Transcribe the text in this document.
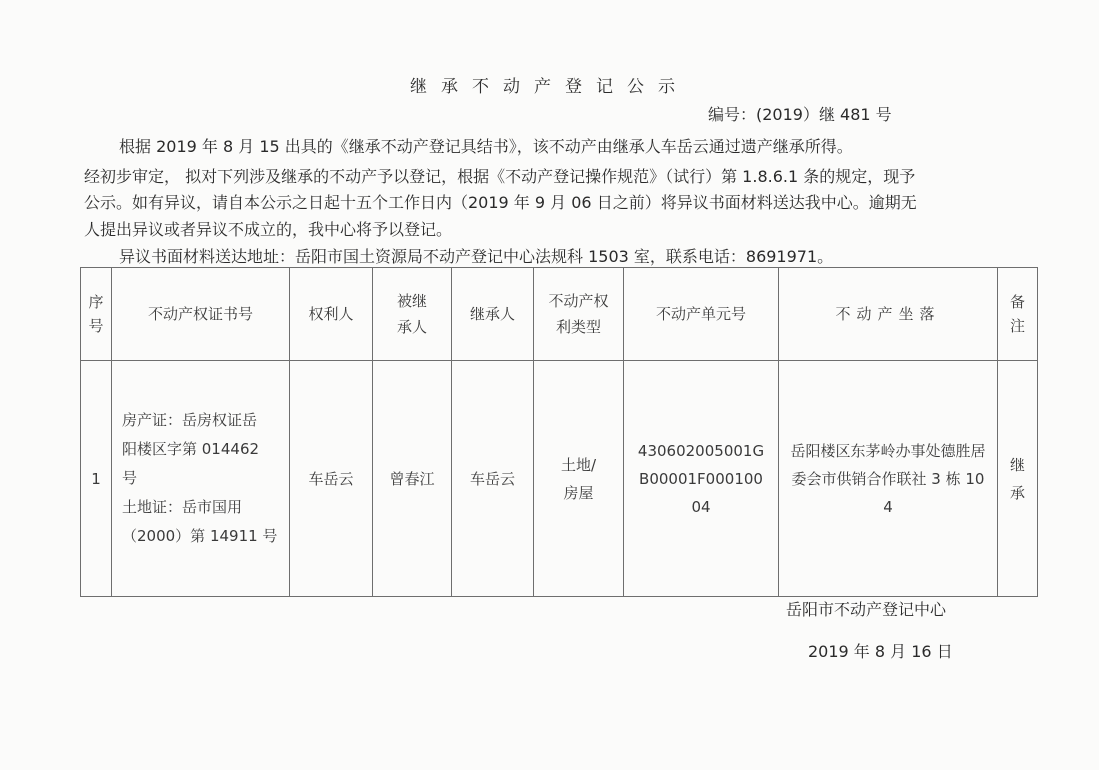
继承不动产登记公示
编号：(2019）继 481 号
根据 2019 年 8 月 15 出具的《继承不动产登记具结书》，该不动产由继承人车岳云通过遗产继承所得。
经初步审定， 拟对下列涉及继承的不动产予以登记，根据《不动产登记操作规范》（试行）第 1.8.6.1 条的规定，现予
公示。如有异议，请自本公示之日起十五个工作日内（2019 年 9 月 06 日之前）将异议书面材料送达我中心。逾期无
人提出异议或者异议不成立的，我中心将予以登记。
异议书面材料送达地址：岳阳市国土资源局不动产登记中心法规科 1503 室，联系电话：8691971。
序号	不动产权证书号	权利人	被继承人	继承人	不动产权利类型	不动产单元号	不动产坐落	备注
1	房产证：岳房权证岳
阳楼区字第 014462
号
土地证：岳市国用
（2000）第 14911 号	车岳云	曾春江	车岳云	土地/房屋	430602005001GB00001F00010004	岳阳楼区东茅岭办事处德胜居委会市供销合作联社 3 栋 104	继承
岳阳市不动产登记中心
2019 年 8 月 16 日
